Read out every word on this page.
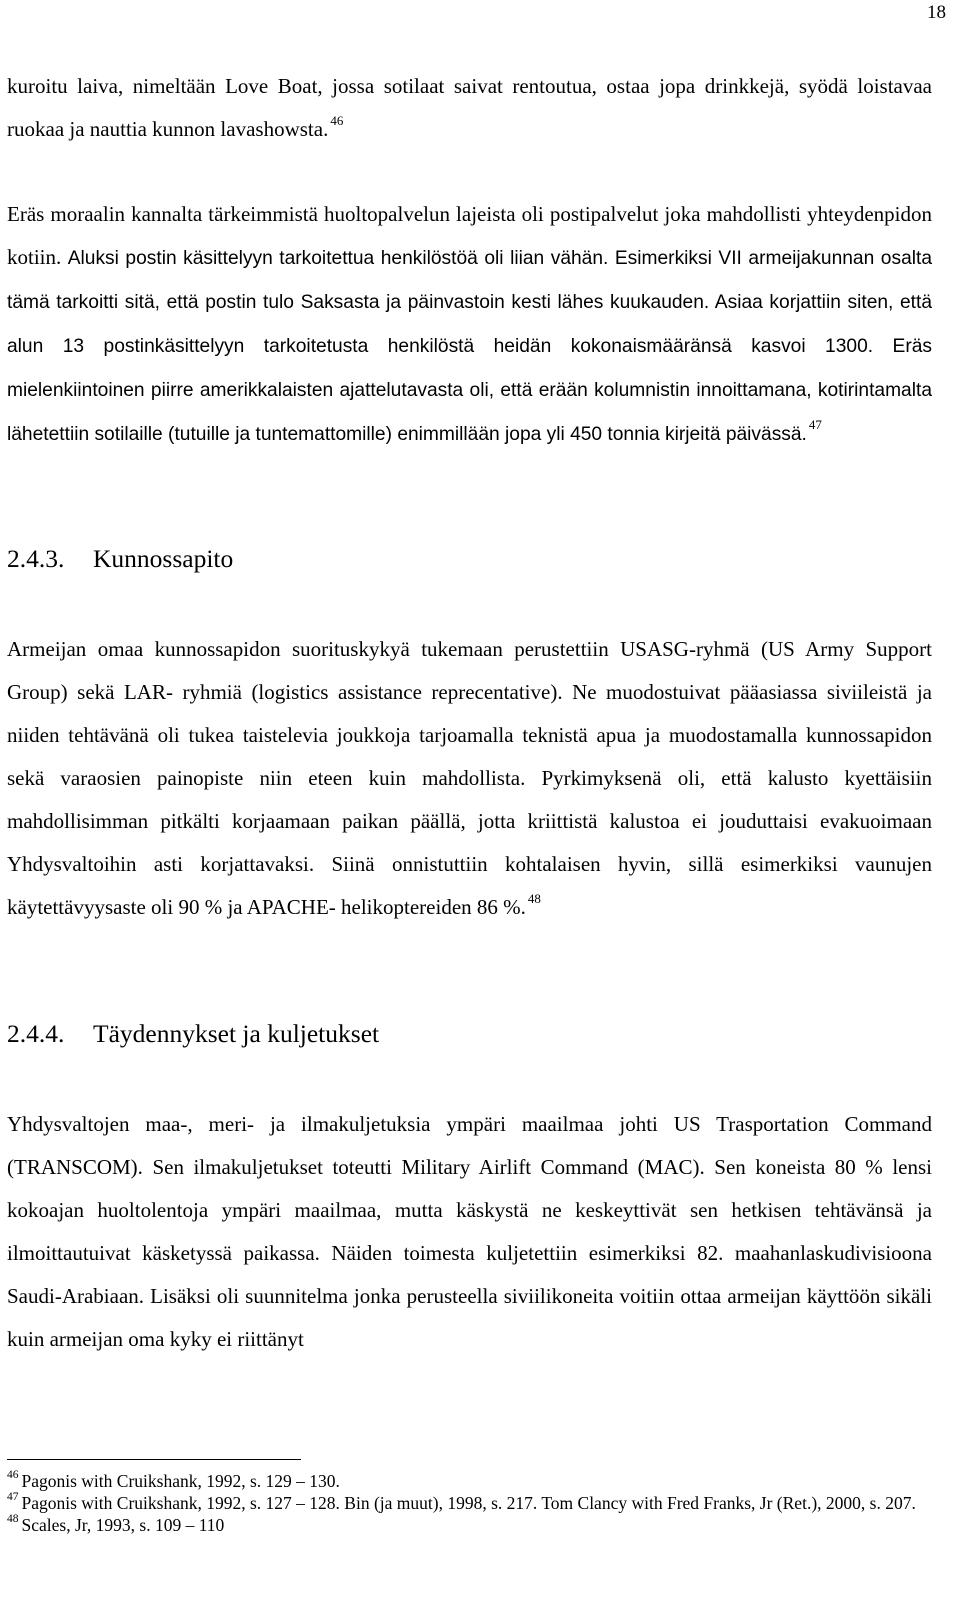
18

kuroitu laiva, nimeltään Love Boat, jossa sotilaat saivat rentoutua, ostaa jopa drinkkejä, syödä loistavaa ruokaa ja nauttia kunnon lavashowsta. $^{46}$

Eräs moraalin kannalta tärkeimmistä huoltopalvelun lajeista oli postipalvelut joka mahdollisti yhteydenpidon kotiin. Aluksi postin käsittelyyn tarkoitettua henkilöstöä oli liian vähän. Esimerkiksi VII armeijakunnan osalta tämä tarkoitti sitä, että postin tulo Saksasta ja päinvastoin kesti lähes kuukauden. Asiaa korjattiin siten, että alun 13 postinkäsittelyyn tarkoitetusta henkilöstä heidän kokonaismääränsä kasvoi 1300. Eräs mielenkiintoinen piirre amerikkalaisten ajattelutavasta oli, että erään kolumnistin innoittamana, kotirintamalta lähetettiin sotilaille (tutuille ja tuntemattomille) enimmillään jopa yli 450 tonnia kirjeitä päivässä. $^{47}$

2.4.3. Kunnossapito

Armeijan omaa kunnossapidon suorituskykyä tukemaan perustettiin USASG-ryhmä (US Army Support Group) sekä LAR- ryhmiä (logistics assistance reprecentative). Ne muodostuivat pääasiassa siviileistä ja niiden tehtävänä oli tukea taistelevia joukkoja tarjoamalla teknistä apua ja muodostamalla kunnossapidon sekä varaosien painopiste niin eteen kuin mahdollista. Pyrkimyksenä oli, että kalusto kyettäisiin mahdollisimman pitkälti korjaamaan paikan päällä, jotta kriittistä kalustoa ei jouduttaisi evakuoimaan Yhdysvaltoihin asti korjattavaksi. Siinä onnistuttiin kohtalaisen hyvin, sillä esimerkiksi vaunujen käytettävyysaste oli 90 % ja APACHE- helikoptereiden 86 %. $^{48}$

2.4.4. Täydennykset ja kuljetukset

Yhdysvaltojen maa-, meri- ja ilmakuljetuksia ympäri maailmaa johti US Trasportation Command (TRANSCOM). Sen ilmakuljetukset toteutti Military Airlift Command (MAC). Sen koneista 80 % lensi kokoajan huoltolentoja ympäri maailmaa, mutta käskystä ne keskeyttivät sen hetkisen tehtävänsä ja ilmoittautuivat käsketyssä paikassa. Näiden toimesta kuljetettiin esimerkiksi 82. maahanlaskudivisioona Saudi-Arabiaan. Lisäksi oli suunnitelma jonka perusteella siviilikoneita voitiin ottaa armeijan käyttöön sikäli kuin armeijan oma kyky ei riittänyt

$^{46}$ Pagonis with Cruikshank, 1992, s. 129 – 130.

$^{47}$ Pagonis with Cruikshank, 1992, s. 127 – 128. Bin (ja muut), 1998, s. 217. Tom Clancy with Fred Franks, Jr (Ret.), 2000, s. 207.

$^{48}$ Scales, Jr, 1993, s. 109 – 110
